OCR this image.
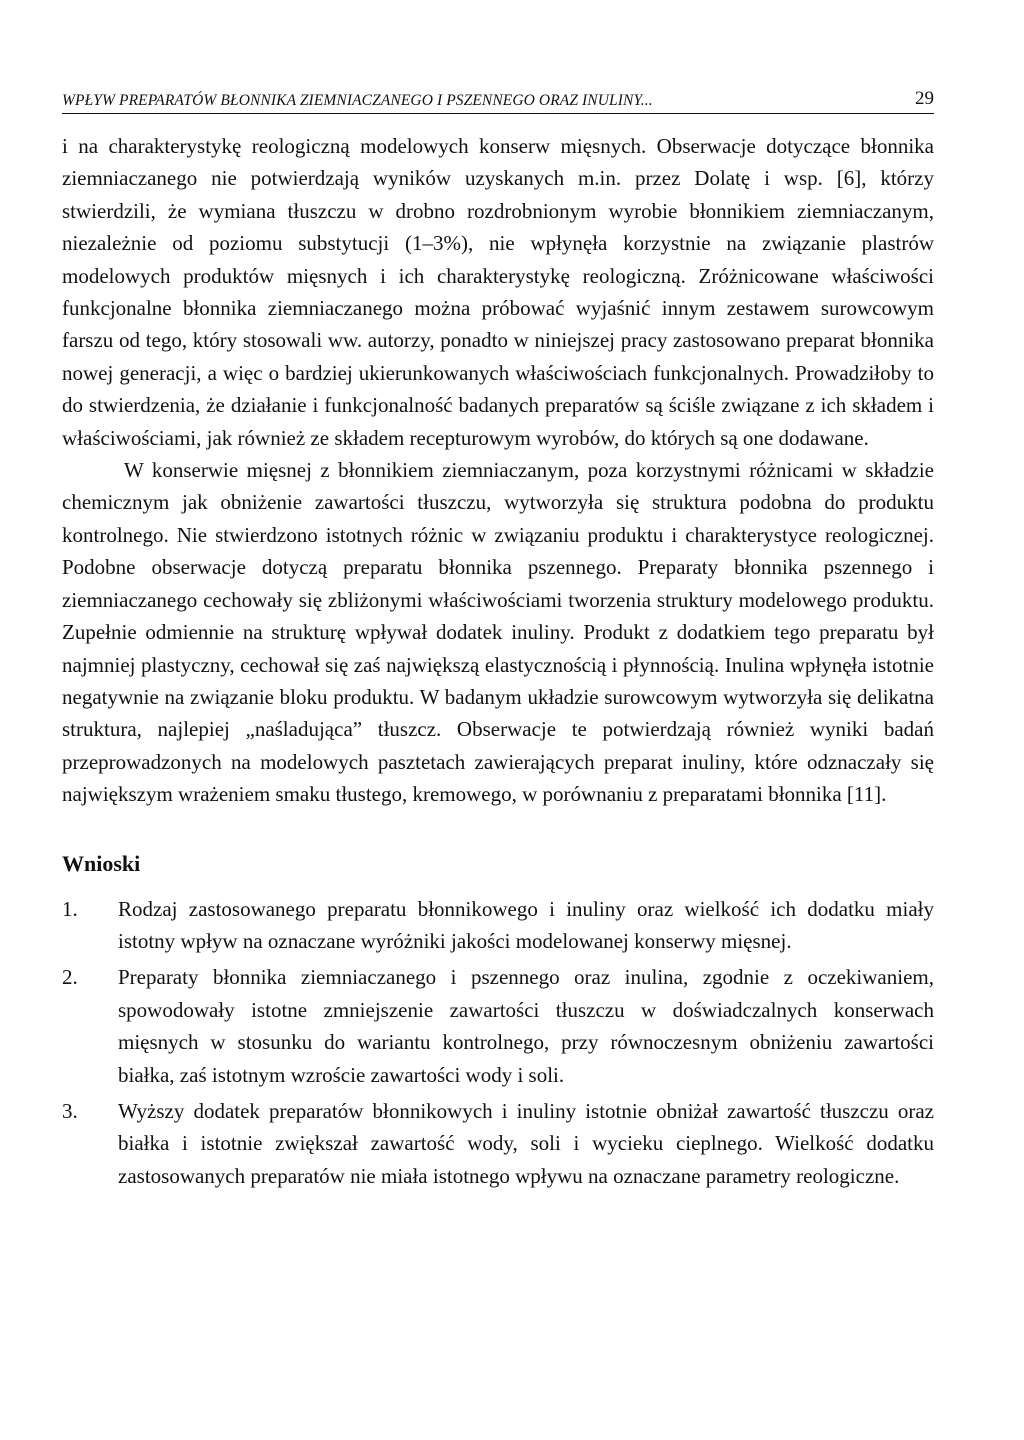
WPŁYW PREPARATÓW BŁONNIKA ZIEMNIACZANEGO I PSZENNEGO ORAZ INULINY...	29

i na charakterystykę reologiczną modelowych konserw mięsnych. Obserwacje dotyczące błonnika ziemniaczanego nie potwierdzają wyników uzyskanych m.in. przez Dolatę i wsp. [6], którzy stwierdzili, że wymiana tłuszczu w drobno rozdrobnionym wyrobie błonnikiem ziemniaczanym, niezależnie od poziomu substytucji (1–3%), nie wpłynęła korzystnie na związanie plastrów modelowych produktów mięsnych i ich charakterystykę reologiczną. Zróżnicowane właściwości funkcjonalne błonnika ziemniaczanego można próbować wyjaśnić innym zestawem surowcowym farszu od tego, który stosowali ww. autorzy, ponadto w niniejszej pracy zastosowano preparat błonnika nowej generacji, a więc o bardziej ukierunkowanych właściwościach funkcjonalnych. Prowadziłoby to do stwierdzenia, że działanie i funkcjonalność badanych preparatów są ściśle związane z ich składem i właściwościami, jak również ze składem recepturowym wyrobów, do których są one dodawane.

W konserwie mięsnej z błonnikiem ziemniaczanym, poza korzystnymi różnicami w składzie chemicznym jak obniżenie zawartości tłuszczu, wytworzyła się struktura podobna do produktu kontrolnego. Nie stwierdzono istotnych różnic w związaniu produktu i charakterystyce reologicznej. Podobne obserwacje dotyczą preparatu błonnika pszennego. Preparaty błonnika pszennego i ziemniaczanego cechowały się zbliżonymi właściwościami tworzenia struktury modelowego produktu. Zupełnie odmiennie na strukturę wpływał dodatek inuliny. Produkt z dodatkiem tego preparatu był najmniej plastyczny, cechował się zaś największą elastycznością i płynnością. Inulina wpłynęła istotnie negatywnie na związanie bloku produktu. W badanym układzie surowcowym wytworzyła się delikatna struktura, najlepiej „naśladująca” tłuszcz. Obserwacje te potwierdzają również wyniki badań przeprowadzonych na modelowych pasztetach zawierających preparat inuliny, które odznaczały się największym wrażeniem smaku tłustego, kremowego, w porównaniu z preparatami błonnika [11].

Wnioski
1.	Rodzaj zastosowanego preparatu błonnikowego i inuliny oraz wielkość ich dodatku miały istotny wpływ na oznaczane wyróżniki jakości modelowanej konserwy mięsnej.
2.	Preparaty błonnika ziemniaczanego i pszennego oraz inulina, zgodnie z oczekiwaniem, spowodowały istotne zmniejszenie zawartości tłuszczu w doświadczalnych konserwach mięsnych w stosunku do wariantu kontrolnego, przy równoczesnym obniżeniu zawartości białka, zaś istotnym wzroście zawartości wody i soli.
3.	Wyższy dodatek preparatów błonnikowych i inuliny istotnie obniżał zawartość tłuszczu oraz białka i istotnie zwiększał zawartość wody, soli i wycieku cieplnego. Wielkość dodatku zastosowanych preparatów nie miała istotnego wpływu na oznaczane parametry reologiczne.
